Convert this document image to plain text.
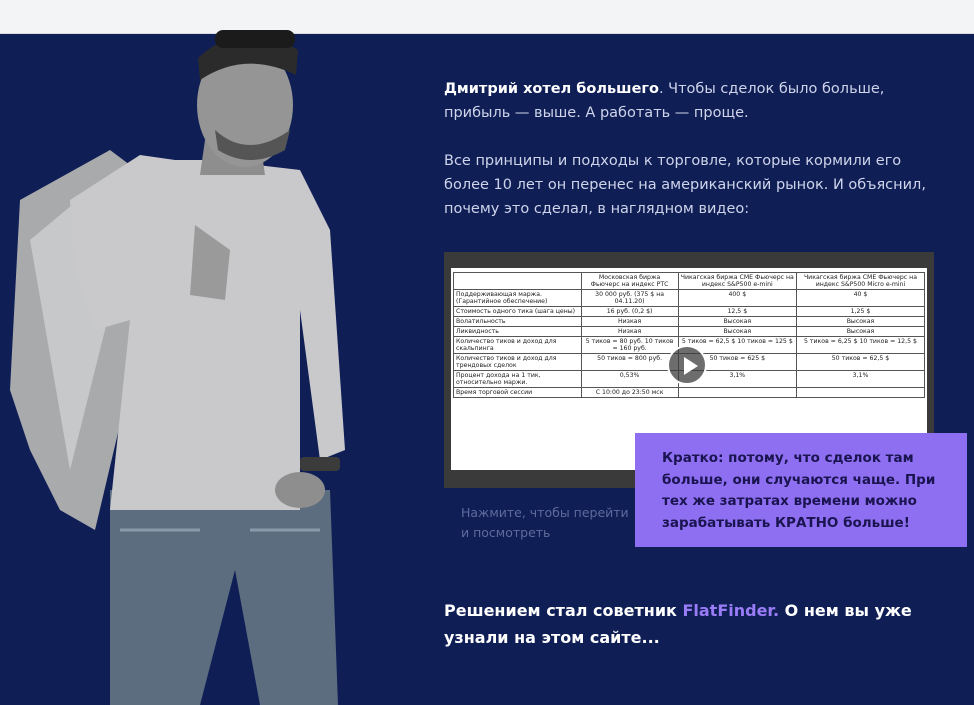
Дмитрий хотел большего. Чтобы сделок было больше, прибыль — выше. А работать — проще.
Все принципы и подходы к торговле, которые кормили его более 10 лет он перенес на американский рынок. И объяснил, почему это сделал, в наглядном видео:
	Московская биржа Фьючерс на индекс РТС	Чикагская биржа CME Фьючерс на индекс S&P500 e-mini	Чикагская биржа CME Фьючерс на индекс S&P500 Micro e-mini
Поддерживающая маржа. (Гарантийное обеспечение)	30 000 руб. (375 $ на 04.11.20)	400 $	40 $
Стоимость одного тика (шага цены)	16 руб. (0,2 $)	12,5 $	1,25 $
Волатильность	Низкая	Высокая	Высокая
Ликвидность	Низкая	Высокая	Высокая
Количество тиков и доход для скальпинга	5 тиков = 80 руб. 10 тиков = 160 руб.	5 тиков = 62,5 $ 10 тиков = 125 $	5 тиков = 6,25 $ 10 тиков = 12,5 $
Количество тиков и доход для трендовых сделок	50 тиков = 800 руб.	50 тиков = 625 $	50 тиков = 62,5 $
Процент дохода на 1 тик, относительно маржи.	0,53%	3,1%	3,1%
Время торговой сессии	С 10:00 до 23:50 мск		
Нажмите, чтобы перейти и посмотреть
Кратко: потому, что сделок там больше, они случаются чаще. При тех же затратах времени можно зарабатывать КРАТНО больше!
Решением стал советник FlatFinder. О нем вы уже узнали на этом сайте...
